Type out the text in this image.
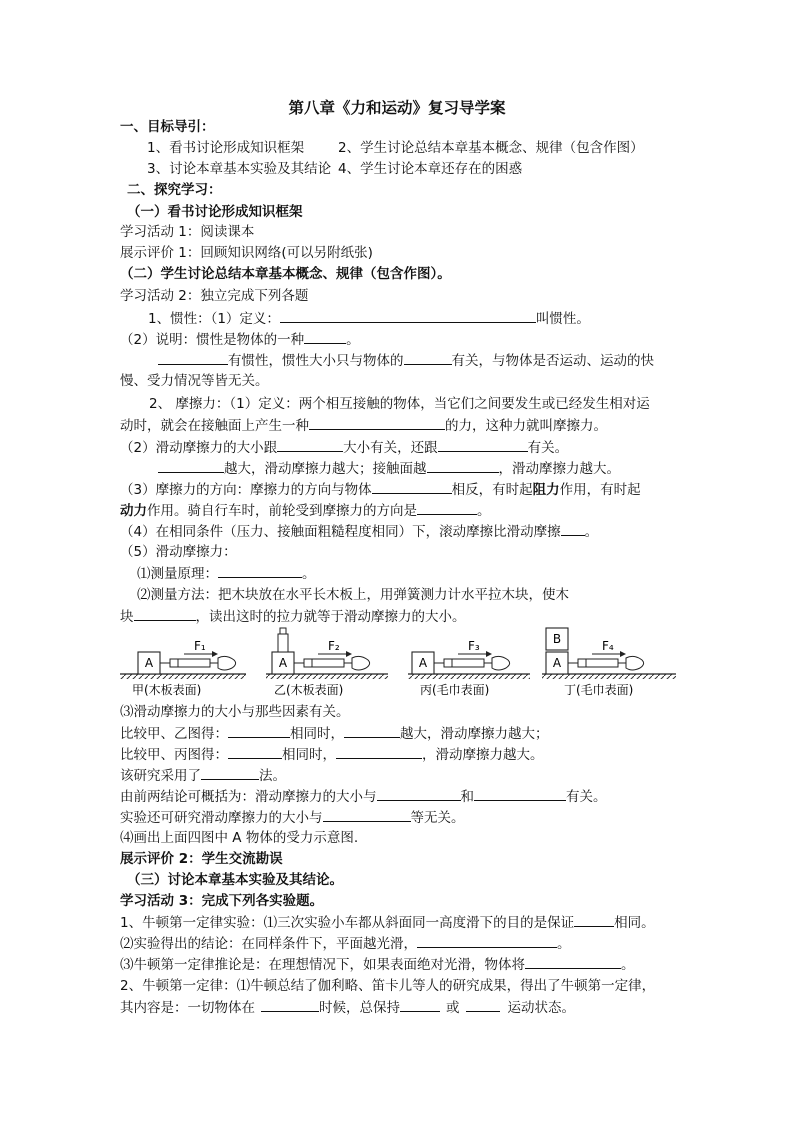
第八章《力和运动》复习导学案
一、目标导引：
1、看书讨论形成知识框架	2、学生讨论总结本章基本概念、规律（包含作图）
3、讨论本章基本实验及其结论 4、学生讨论本章还存在的困惑
二、探究学习：
（一）看书讨论形成知识框架
学习活动 1：阅读课本
展示评价 1：回顾知识网络(可以另附纸张)
（二）学生讨论总结本章基本概念、规律（包含作图）。
学习活动 2：独立完成下列各题
1、惯性：（1）定义：	叫惯性。
（2）说明：惯性是物体的一种	。
有惯性，惯性大小只与物体的	有关，与物体是否运动、运动的快
慢、受力情况等皆无关。
2、 摩擦力：（1）定义：两个相互接触的物体，当它们之间要发生或已经发生相对运
动时，就会在接触面上产生一种	的力，这种力就叫摩擦力。
（2）滑动摩擦力的大小跟	大小有关，还跟	有关。
越大，滑动摩擦力越大；接触面越	，滑动摩擦力越大。
（3）摩擦力的方向：摩擦力的方向与物体	相反，有时起阻力作用，有时起
动力作用。骑自行车时，前轮受到摩擦力的方向是	。
（4）在相同条件（压力、接触面粗糙程度相同）下，滚动摩擦比滑动摩擦 。
（5）滑动摩擦力：
⑴测量原理：	。
⑵测量方法：把木块放在水平长木板上，用弹簧测力计水平拉木块，使木
块	，读出这时的拉力就等于滑动摩擦力的大小。
A
F₁
甲(木板表面)
A
F₂
乙(木板表面)
A
F₃
丙(毛巾表面)
A
B	F₄
丁(毛巾表面)
⑶滑动摩擦力的大小与那些因素有关。
比较甲、乙图得：	相同时，	越大，滑动摩擦力越大；
比较甲、丙图得：	相同时，	，滑动摩擦力越大。
该研究采用了	法。
由前两结论可概括为：滑动摩擦力的大小与	和	有关。
实验还可研究滑动摩擦力的大小与	等无关。
⑷画出上面四图中 A 物体的受力示意图.
展示评价 2：学生交流勘误
（三）讨论本章基本实验及其结论。
学习活动 3：完成下列各实验题。
1、牛顿第一定律实验：⑴三次实验小车都从斜面同一高度滑下的目的是保证	相同。
⑵实验得出的结论：在同样条件下，平面越光滑，	。
⑶牛顿第一定律推论是：在理想情况下，如果表面绝对光滑，物体将	。
2、牛顿第一定律：⑴牛顿总结了伽利略、笛卡儿等人的研究成果，得出了牛顿第一定律，
其内容是：一切物体在	时候，总保持	或	运动状态。
